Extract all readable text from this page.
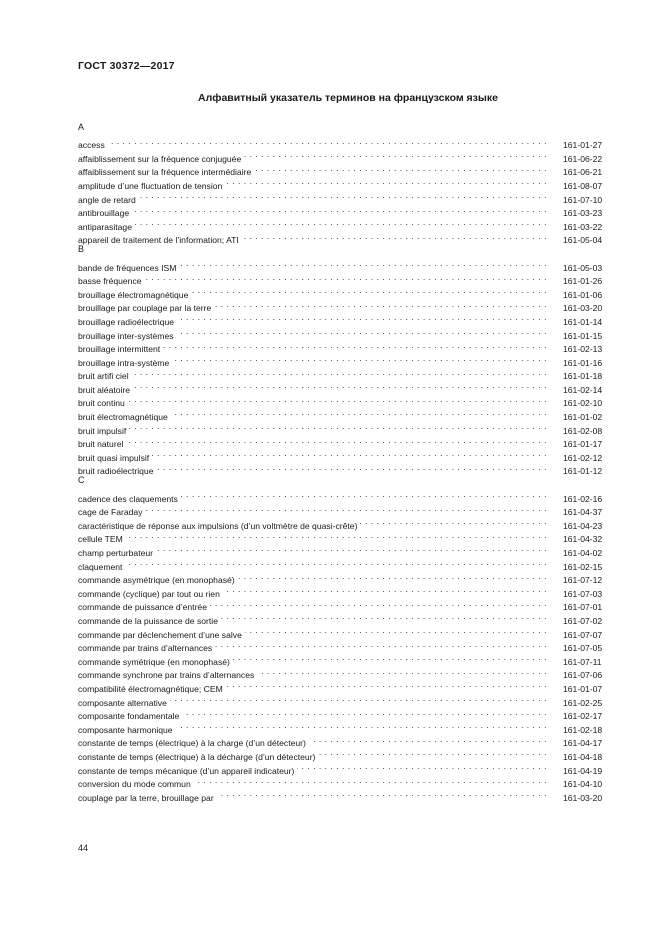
ГОСТ 30372—2017
Алфавитный указатель терминов на французском языке
A
access . . .	161-01-27
affaiblissement sur la fréquence conjuguée . . .	161-06-22
affaiblissement sur la fréquence intermédiaire . . .	161-06-21
amplitude d’une fluctuation de tension . . .	161-08-07
angle de retard . . .	161-07-10
antibrouillage . . .	161-03-23
antiparasitage . . .	161-03-22
appareil de traitement de l’information; ATI . . .	161-05-04
B
bande de fréquences ISM . . .	161-05-03
basse fréquence . . .	161-01-26
brouillage électromagnétique . . .	161-01-06
brouillage par couplage par la terre . . .	161-03-20
brouillage radioélectrique . . .	161-01-14
brouillage inter-systèmes . . .	161-01-15
brouillage intermittent . . .	161-02-13
brouillage intra-système . . .	161-01-16
bruit artifi ciel . . .	161-01-18
bruit aléatoire . . .	161-02-14
bruit continu . . .	161-02-10
bruit électromagnétique . . .	161-01-02
bruit impulsif . . .	161-02-08
bruit naturel . . .	161-01-17
bruit quasi impulsif . . .	161-02-12
bruit radioélectrique . . .	161-01-12
C
cadence des claquements . . .	161-02-16
cage de Faraday . . .	161-04-37
caractéristique de réponse aux impulsions (d’un voltmètre de quasi-crête) . . .	161-04-23
cellule TEM . . .	161-04-32
champ perturbateur . . .	161-04-02
claquement . . .	161-02-15
commande asymétrique (en monophasé) . . .	161-07-12
commande (cyclique) par tout ou rien . . .	161-07-03
commande de puissance d’entrée . . .	161-07-01
commande de la puissance de sortie . . .	161-07-02
commande par déclenchement d’une salve . . .	161-07-07
commande par trains d’alternances . . .	161-07-05
commande symétrique (en monophasé) . . .	161-07-11
commande synchrone par trains d’alternances . . .	161-07-06
compatibilité électromagnétique; CEM . . .	161-01-07
composante alternative . . .	161-02-25
composante fondamentale . . .	161-02-17
composante harmonique . . .	161-02-18
constante de temps (électrique) à la charge (d’un détecteur) . . .	161-04-17
constante de temps (électrique) à la décharge (d’un détecteur) . . .	161-04-18
constante de temps mécanique (d’un appareil indicateur) . . .	161-04-19
conversion du mode commun . . .	161-04-10
couplage par la terre, brouillage par . . .	161-03-20
44
